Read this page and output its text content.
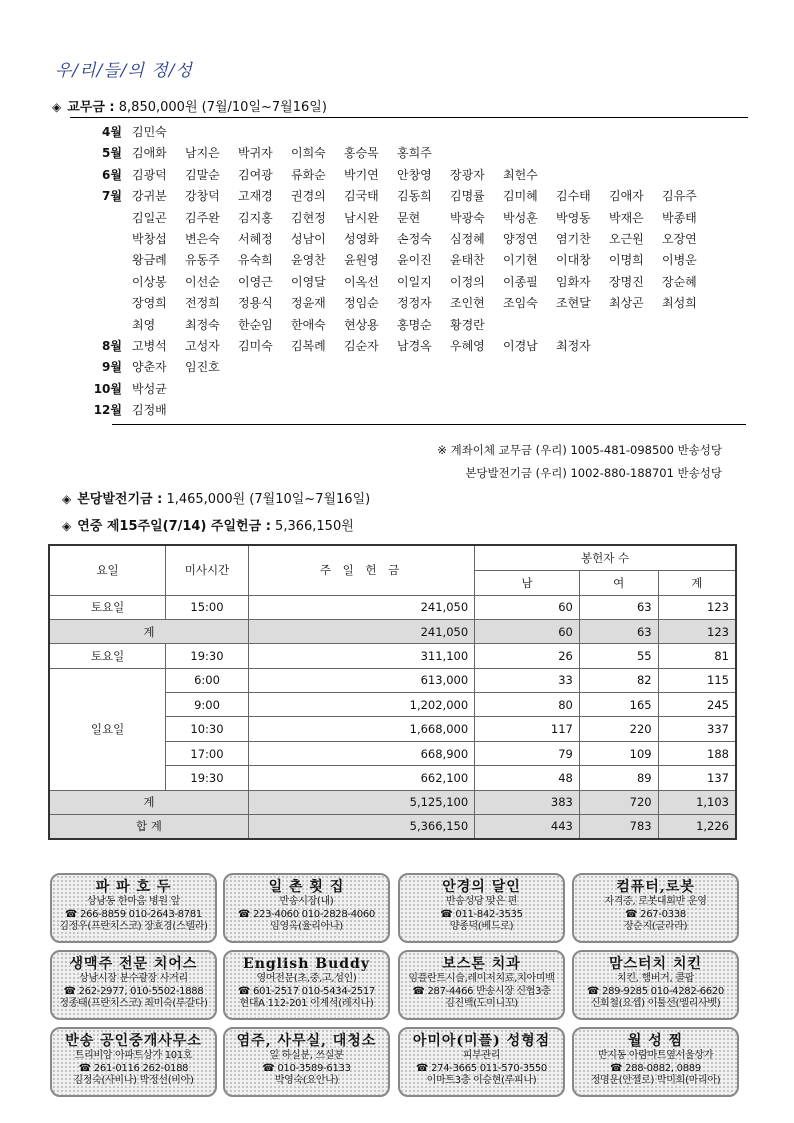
우/리/들/의 정/성
◈ 교무금 : 8,850,000원 (7월/10일~7월16일)
4월 김민숙
5월 김애화	남지은	박귀자	이희숙	홍승목	홍희주
6월 김광덕	김말순	김여광	류화순	박기연	안창영	장광자	최헌수
7월 강귀분	강창덕	고재경	권경의	김국태	김동희	김명률	김미혜	김수태	김애자	김유주
김일곤	김주완	김지홍	김현정	남시완	문현	박광숙	박성훈	박영동	박재은	박종태
박창섭	변은숙	서혜정	성남이	성영화	손정숙	심정혜	양정연	염기찬	오근원	오장연
왕금례	유동주	유숙희	윤영찬	윤원영	윤이진	윤태찬	이기현	이대창	이명희	이병운
이상봉	이선순	이영근	이영달	이옥선	이일지	이정의	이종필	임화자	장명진	장순혜
장영희	전정희	정용식	정윤재	정임순	정정자	조인현	조임숙	조현달	최상곤	최성희
최영	최정숙	한순임	한애숙	현상용	홍명순	황경란
8월 고병석	고성자	김미숙	김복례	김순자	남경옥	우혜영	이경남	최정자
9월 양춘자	임진호
10월 박성균
12월 김정배
※ 계좌이체 교무금 (우리) 1005-481-098500 반송성당
본당발전기금 (우리) 1002-880-188701 반송성당
◈ 본당발전기금 : 1,465,000원 (7월10일~7월16일)
◈ 연중 제15주일(7/14) 주일헌금 : 5,366,150원
요일	미사시간	주 일 헌 금	봉헌자 수		
			남	여	계
토요일	15:00	241,050	60	63	123
계		241,050	60	63	123
토요일	19:30	311,100	26	55	81
일요일	6:00	613,000	33	82	115
	9:00	1,202,000	80	165	245
	10:30	1,668,000	117	220	337
	17:00	668,900	79	109	188
	19:30	662,100	48	89	137
계		5,125,100	383	720	1,103
합 계		5,366,150	443	783	1,226
파 파 호 두
상남동 한마음 병원 앞
☎ 266-8859 010-2643-8781
김정우(프란치스코) 장효경(스텔라)
일 촌 횟 집
반송시장(내)
☎ 223-4060 010-2828-4060
임영옥(율리아나)
안경의 달인
반송성당 맞은 편
☎ 011-842-3535
양종덕(베드로)
컴퓨터,로봇
자격증, 로봇대회반 운영
☎ 267-0338
장순지(글라라)
생맥주 전문 치어스
상남시장 분수광장 사거리
☎ 262-2977, 010-5502-1888
정종태(프란치스코) 최미숙(루갈다)
English Buddy
영어전문(초,중,고,성인)
☎ 601-2517 010-5434-2517
현대A 112-201 이계석(레지나)
보스톤 치과
임플란트시술,레이저치료,치아미백
☎ 287-4466 반송시장 신협3층
김진백(도미니꼬)
맘스터치 치킨
치킨, 햄버거, 콜팝
☎ 289-9285 010-4282-6620
신희철(요셉) 이툴선(엘리사벳)
반송 공인중개사무소
트리비앙 아파트상가 101호
☎ 261-0116 262-0188
김정숙(사비나) 박정선(비아)
염주, 사무실, 대청소
일 하실분, 쓰실분
☎ 010-3589-6133
박영숙(요안나)
아미아(미플) 성형점
피부관리
☎ 274-3665 011-570-3550
이마트3층 이승현(루피나)
월 성 찜
반지동 아람마트옆서울상가
☎ 288-0882, 0889
정명운(안젤로) 박미희(마리아)
